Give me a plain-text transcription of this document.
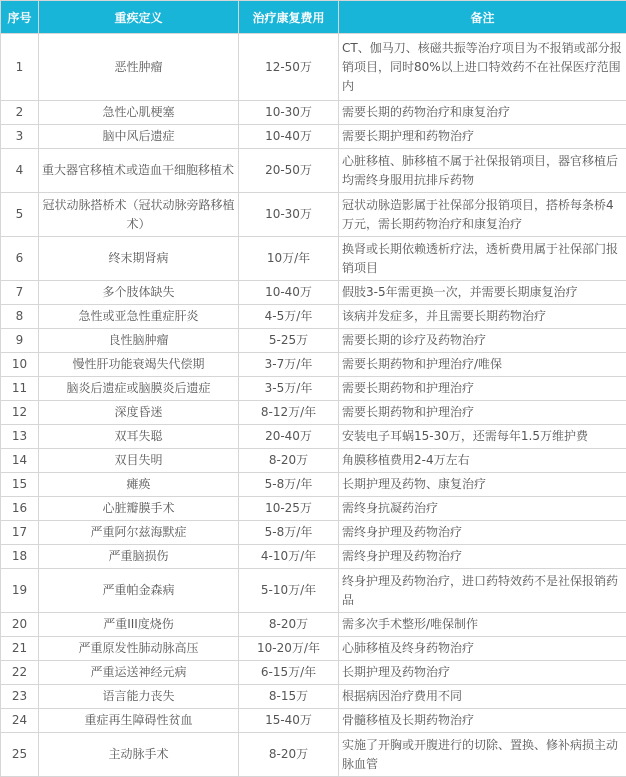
序号	重疾定义	治疗康复费用	备注
1	恶性肿瘤	12-50万	CT、伽马刀、核磁共振等治疗项目为不报销或部分报销项目，同时80%以上进口特效药不在社保医疗范围内
2	急性心肌梗塞	10-30万	需要长期的药物治疗和康复治疗
3	脑中风后遗症	10-40万	需要长期护理和药物治疗
4	重大器官移植术或造血干细胞移植术	20-50万	心脏移植、肺移植不属于社保报销项目，器官移植后均需终身服用抗排斥药物
5	冠状动脉搭桥术（冠状动脉旁路移植术）	10-30万	冠状动脉造影属于社保部分报销项目，搭桥每条桥4万元，需长期药物治疗和康复治疗
6	终末期肾病	10万/年	换肾或长期依赖透析疗法，透析费用属于社保部门报销项目
7	多个肢体缺失	10-40万	假肢3-5年需更换一次，并需要长期康复治疗
8	急性或亚急性重症肝炎	4-5万/年	该病并发症多，并且需要长期药物治疗
9	良性脑肿瘤	5-25万	需要长期的诊疗及药物治疗
10	慢性肝功能衰竭失代偿期	3-7万/年	需要长期药物和护理治疗/唯保
11	脑炎后遗症或脑膜炎后遗症	3-5万/年	需要长期药物和护理治疗
12	深度昏迷	8-12万/年	需要长期药物和护理治疗
13	双耳失聪	20-40万	安装电子耳蜗15-30万，还需每年1.5万维护费
14	双目失明	8-20万	角膜移植费用2-4万左右
15	瘫痪	5-8万/年	长期护理及药物、康复治疗
16	心脏瓣膜手术	10-25万	需终身抗凝药治疗
17	严重阿尔兹海默症	5-8万/年	需终身护理及药物治疗
18	严重脑损伤	4-10万/年	需终身护理及药物治疗
19	严重帕金森病	5-10万/年	终身护理及药物治疗，进口药特效药不是社保报销药品
20	严重III度烧伤	8-20万	需多次手术整形/唯保制作
21	严重原发性肺动脉高压	10-20万/年	心肺移植及终身药物治疗
22	严重运送神经元病	6-15万/年	长期护理及药物治疗
23	语言能力丧失	8-15万	根据病因治疗费用不同
24	重症再生障碍性贫血	15-40万	骨髓移植及长期药物治疗
25	主动脉手术	8-20万	实施了开胸或开腹进行的切除、置换、修补病损主动脉血管
